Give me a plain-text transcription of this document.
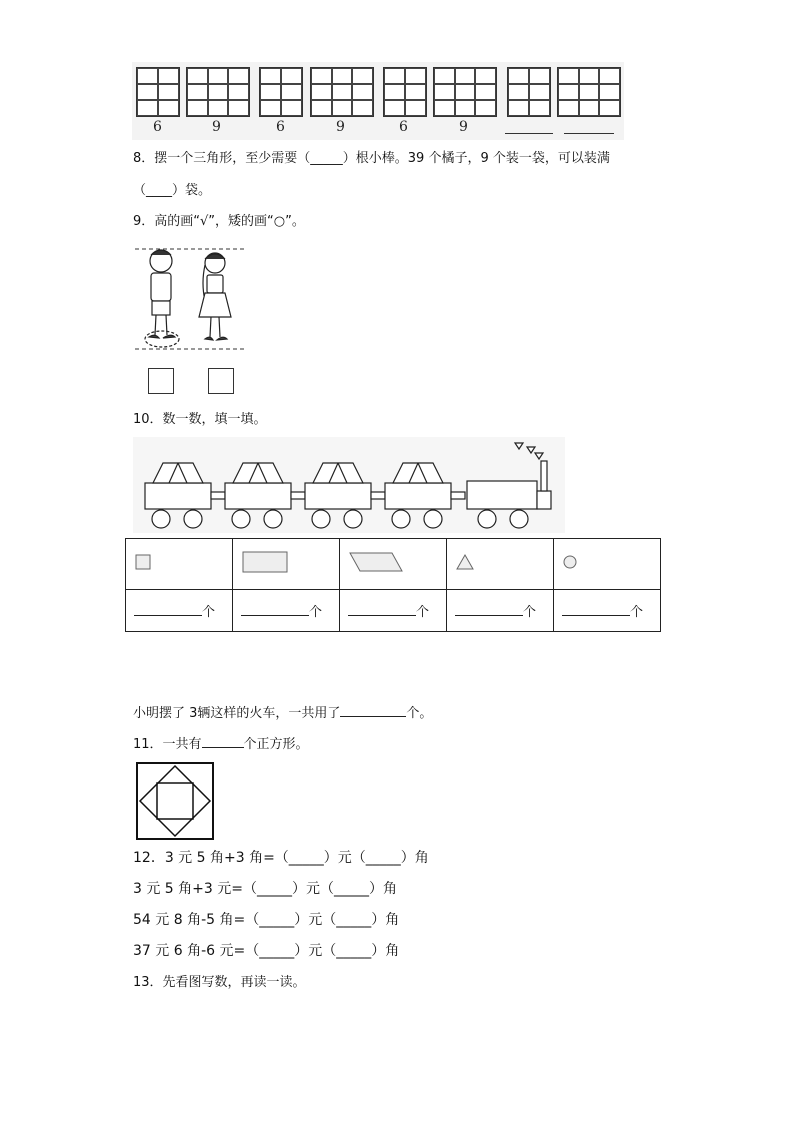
6	9	6	9	6	9
8．摆一个三角形，至少需要（_____）根小棒。39 个橘子，9 个装一袋，可以装满
（____）袋。
9．高的画“√”，矮的画“○”。
10．数一数，填一填。

个	个	个	个	个
小明摆了 3辆这样的火车，一共用了	个。
11．一共有	个正方形。
12．3 元 5 角+3 角=（_____）元（_____）角
3 元 5 角+3 元=（_____）元（_____）角
54 元 8 角-5 角=（_____）元（_____）角
37 元 6 角-6 元=（_____）元（_____）角
13．先看图写数，再读一读。
